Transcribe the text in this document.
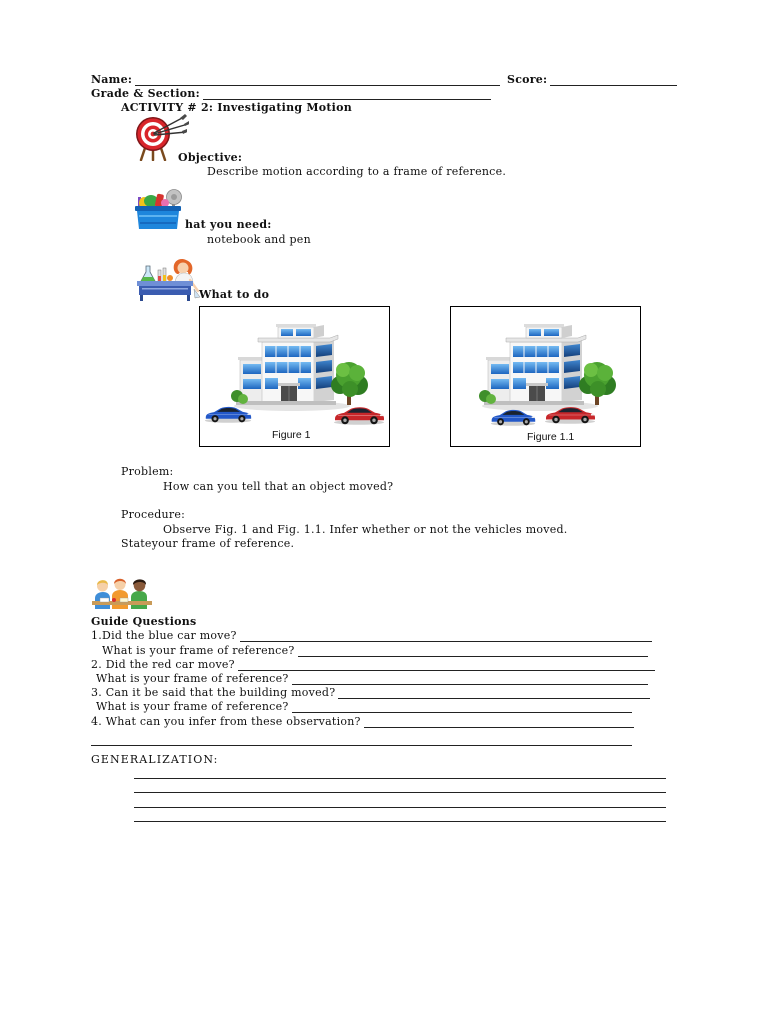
Name:	Score:
Grade & Section:
ACTIVITY # 2: Investigating Motion
Objective:
Describe motion according to a frame of reference.
hat you need:
notebook and pen
What to do
Figure 1	Figure 1.1
Problem:
How can you tell that an object moved?
Procedure:
Observe Fig. 1 and Fig. 1.1. Infer whether or not the vehicles moved.
Stateyour frame of reference.
Guide Questions
1.Did the blue car move?
What is your frame of reference?
2. Did the red car move?
What is your frame of reference?
3. Can it be said that the building moved?
What is your frame of reference?
4. What can you infer from these observation?
GENERALIZATION:
